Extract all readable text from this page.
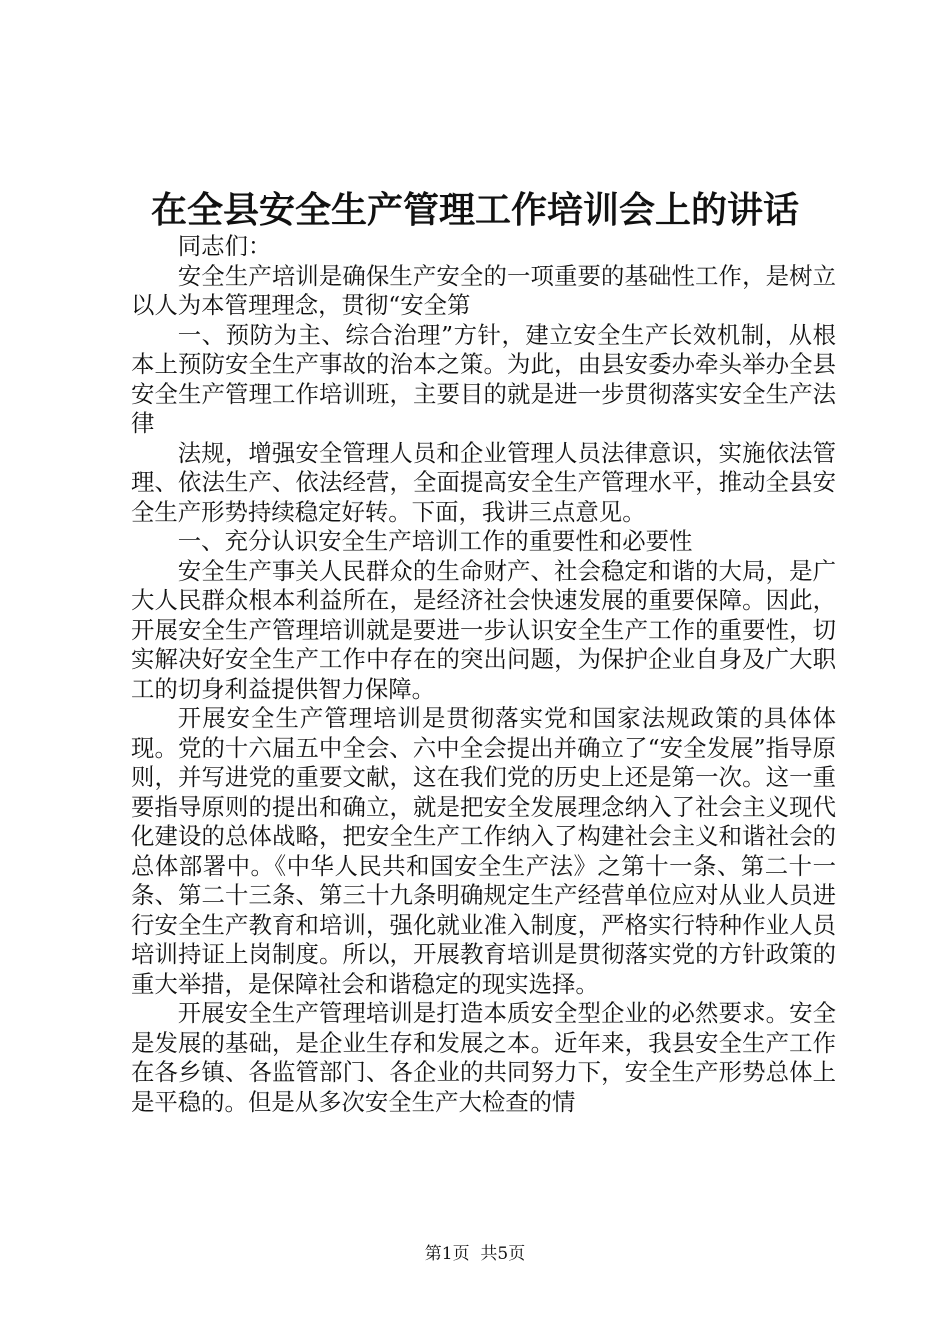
在全县安全生产管理工作培训会上的讲话

同志们：

安全生产培训是确保生产安全的一项重要的基础性工作，是树立以人为本管理理念，贯彻“安全第

一、预防为主、综合治理”方针，建立安全生产长效机制，从根本上预防安全生产事故的治本之策。为此，由县安委办牵头举办全县安全生产管理工作培训班，主要目的就是进一步贯彻落实安全生产法律

法规，增强安全管理人员和企业管理人员法律意识，实施依法管理、依法生产、依法经营，全面提高安全生产管理水平，推动全县安全生产形势持续稳定好转。下面，我讲三点意见。

一、充分认识安全生产培训工作的重要性和必要性

安全生产事关人民群众的生命财产、社会稳定和谐的大局，是广大人民群众根本利益所在，是经济社会快速发展的重要保障。因此，开展安全生产管理培训就是要进一步认识安全生产工作的重要性，切实解决好安全生产工作中存在的突出问题，为保护企业自身及广大职工的切身利益提供智力保障。

开展安全生产管理培训是贯彻落实党和国家法规政策的具体体现。党的十六届五中全会、六中全会提出并确立了“安全发展”指导原则，并写进党的重要文献，这在我们党的历史上还是第一次。这一重要指导原则的提出和确立，就是把安全发展理念纳入了社会主义现代化建设的总体战略，把安全生产工作纳入了构建社会主义和谐社会的总体部署中。《中华人民共和国安全生产法》之第十一条、第二十一条、第二十三条、第三十九条明确规定生产经营单位应对从业人员进行安全生产教育和培训，强化就业准入制度，严格实行特种作业人员培训持证上岗制度。所以，开展教育培训是贯彻落实党的方针政策的重大举措，是保障社会和谐稳定的现实选择。

开展安全生产管理培训是打造本质安全型企业的必然要求。安全是发展的基础，是企业生存和发展之本。近年来，我县安全生产工作在各乡镇、各监管部门、各企业的共同努力下，安全生产形势总体上是平稳的。但是从多次安全生产大检查的情

第1页  共5页
